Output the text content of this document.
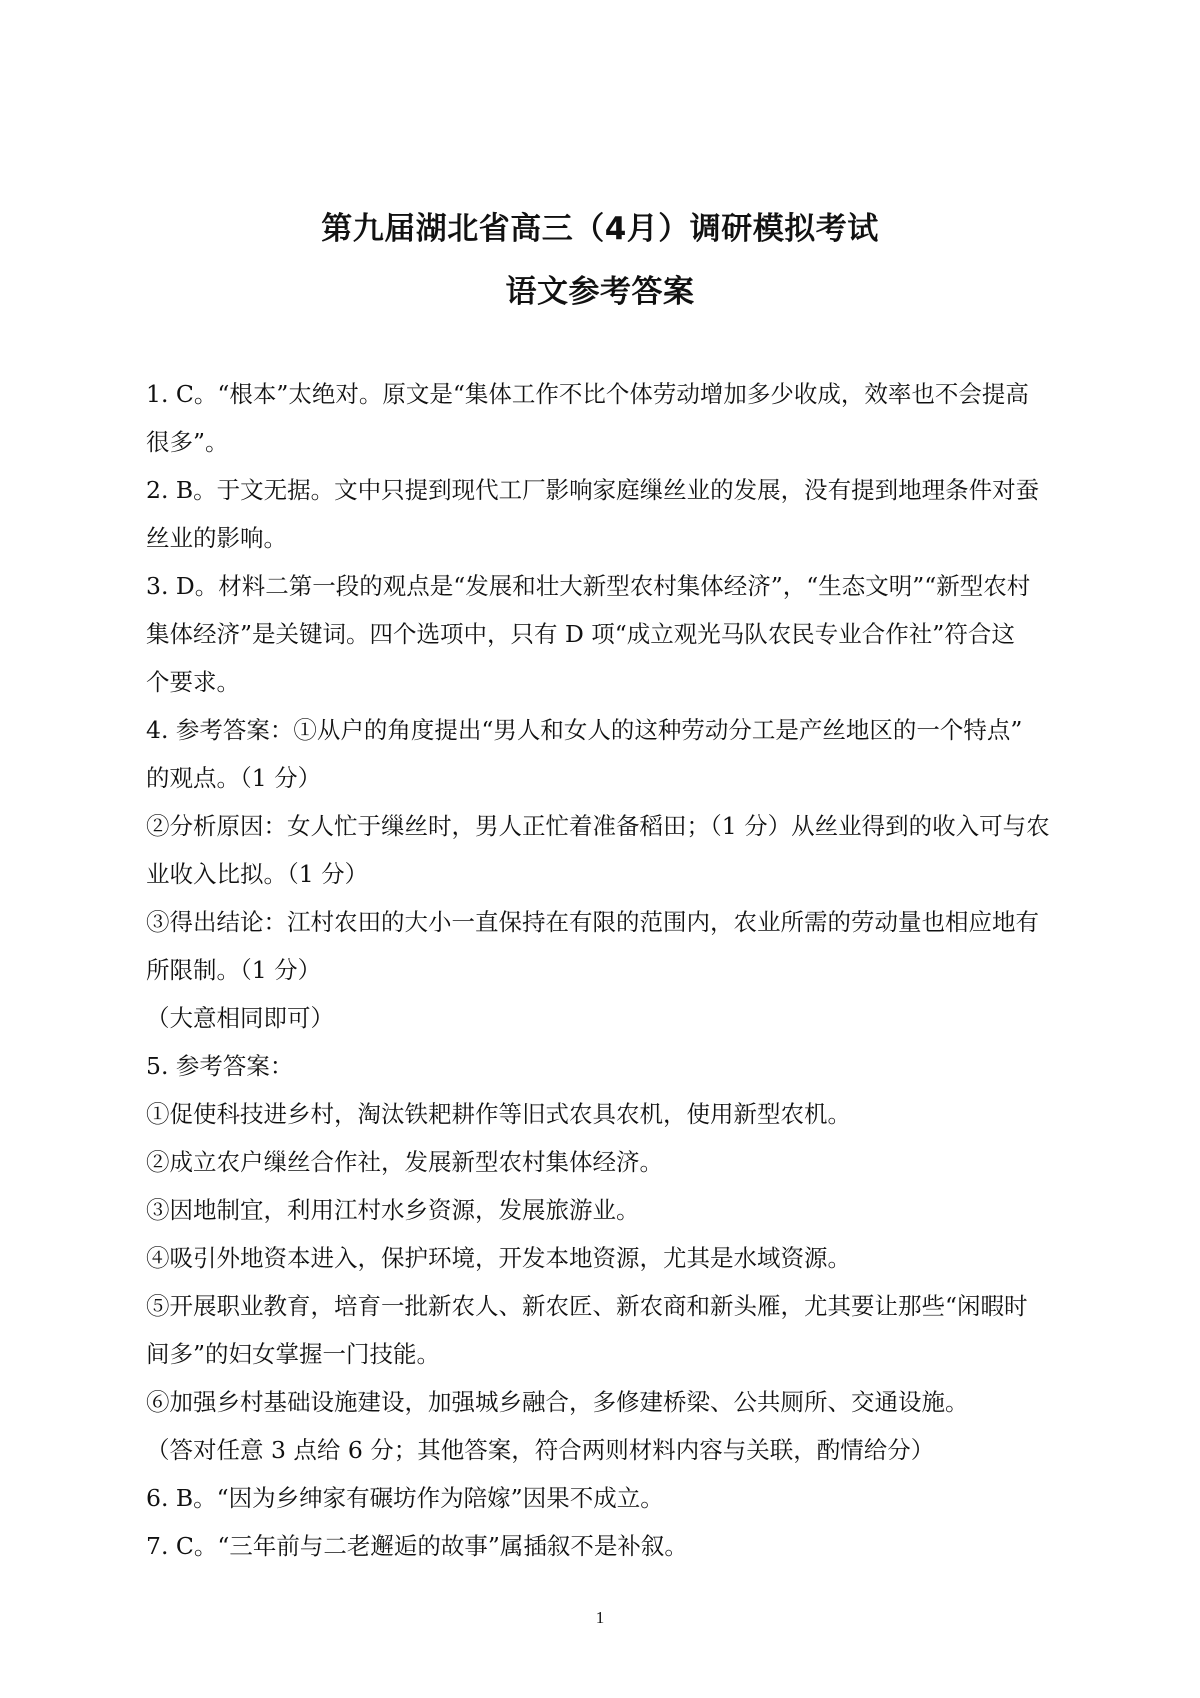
第九届湖北省高三（4月）调研模拟考试
语文参考答案
1. C。“根本”太绝对。原文是“集体工作不比个体劳动增加多少收成，效率也不会提高
很多”。
2. B。于文无据。文中只提到现代工厂影响家庭缫丝业的发展，没有提到地理条件对蚕
丝业的影响。
3. D。材料二第一段的观点是“发展和壮大新型农村集体经济”，“生态文明”“新型农村
集体经济”是关键词。四个选项中，只有 D 项“成立观光马队农民专业合作社”符合这
个要求。
4. 参考答案：①从户的角度提出“男人和女人的这种劳动分工是产丝地区的一个特点”
的观点。（1 分）
②分析原因：女人忙于缫丝时，男人正忙着准备稻田；（1 分）从丝业得到的收入可与农
业收入比拟。（1 分）
③得出结论：江村农田的大小一直保持在有限的范围内，农业所需的劳动量也相应地有
所限制。（1 分）
（大意相同即可）
5. 参考答案：
①促使科技进乡村，淘汰铁耙耕作等旧式农具农机，使用新型农机。
②成立农户缫丝合作社，发展新型农村集体经济。
③因地制宜，利用江村水乡资源，发展旅游业。
④吸引外地资本进入，保护环境，开发本地资源，尤其是水域资源。
⑤开展职业教育，培育一批新农人、新农匠、新农商和新头雁，尤其要让那些“闲暇时
间多”的妇女掌握一门技能。
⑥加强乡村基础设施建设，加强城乡融合，多修建桥梁、公共厕所、交通设施。
（答对任意 3 点给 6 分；其他答案，符合两则材料内容与关联，酌情给分）
6. B。“因为乡绅家有碾坊作为陪嫁”因果不成立。
7. C。“三年前与二老邂逅的故事”属插叙不是补叙。
1
